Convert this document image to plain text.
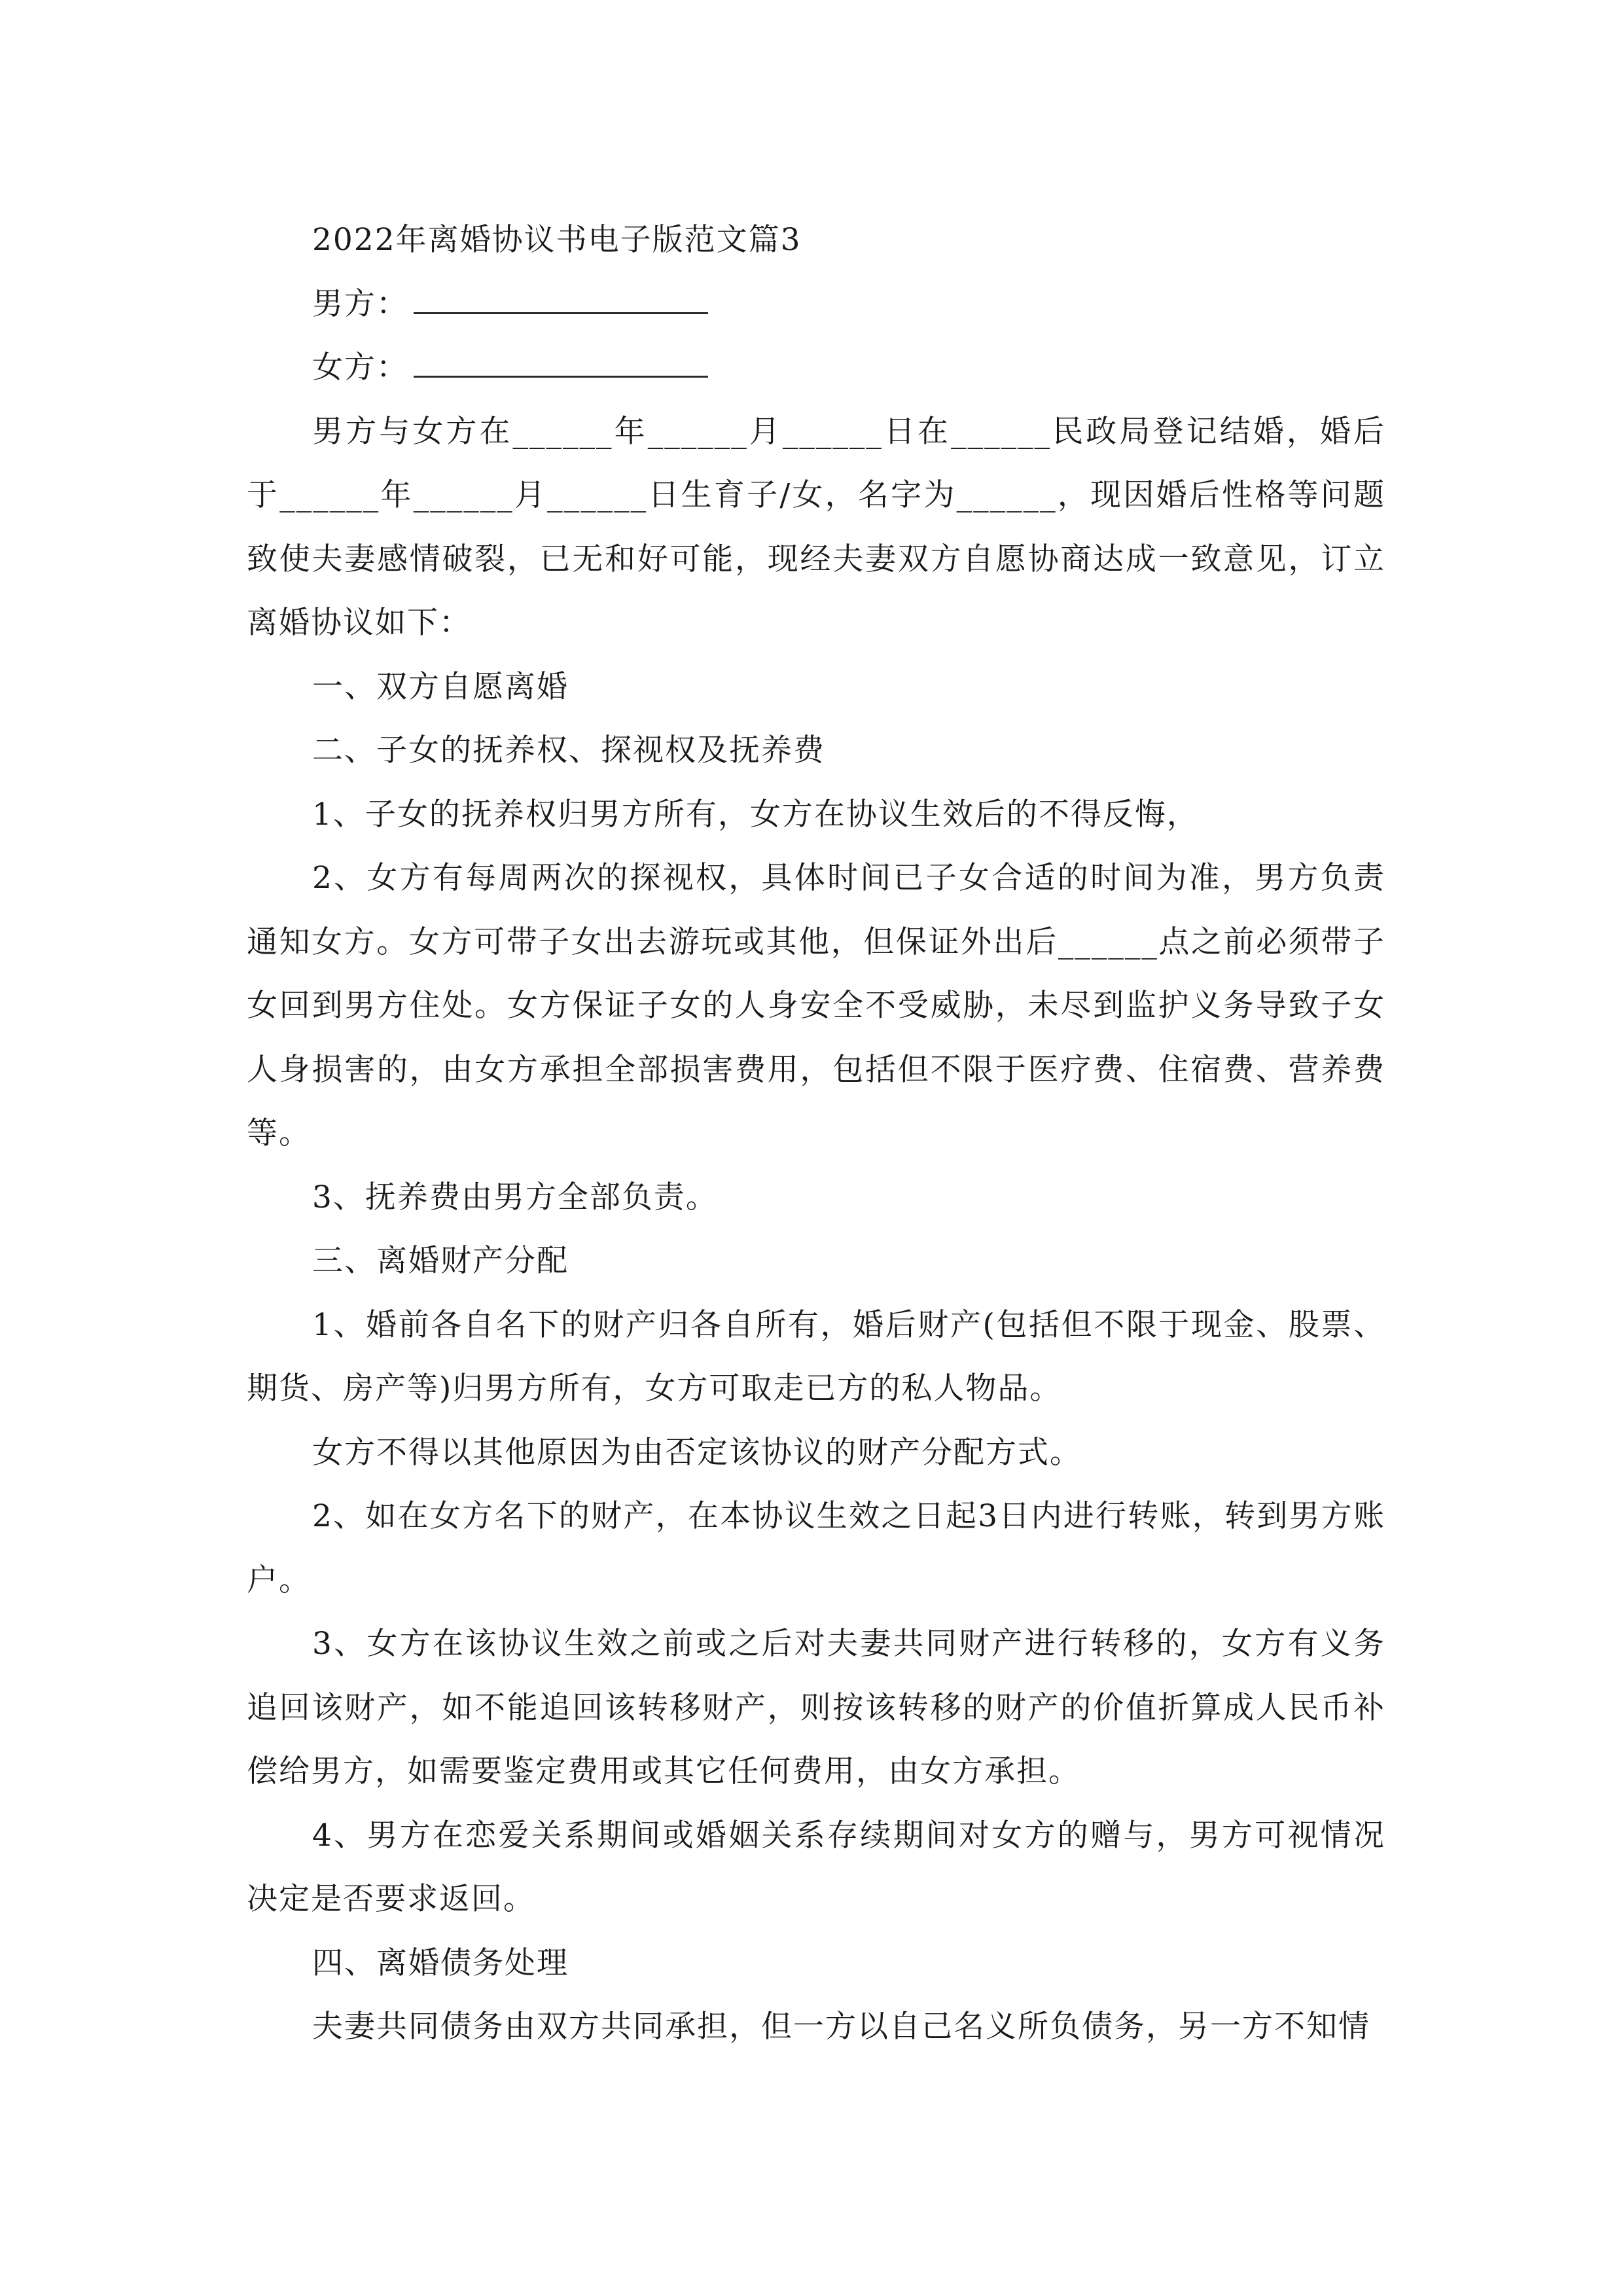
2022年离婚协议书电子版范文篇3

男方：

女方：

男方与女方在______年______月______日在______民政局登记结婚，婚后于______年______月______日生育子/女，名字为______，现因婚后性格等问题致使夫妻感情破裂，已无和好可能，现经夫妻双方自愿协商达成一致意见，订立离婚协议如下：

一、双方自愿离婚

二、子女的抚养权、探视权及抚养费

1、子女的抚养权归男方所有，女方在协议生效后的不得反悔，

2、女方有每周两次的探视权，具体时间已子女合适的时间为准，男方负责通知女方。女方可带子女出去游玩或其他，但保证外出后______点之前必须带子女回到男方住处。女方保证子女的人身安全不受威胁，未尽到监护义务导致子女人身损害的，由女方承担全部损害费用，包括但不限于医疗费、住宿费、营养费等。

3、抚养费由男方全部负责。

三、离婚财产分配

1、婚前各自名下的财产归各自所有，婚后财产(包括但不限于现金、股票、期货、房产等)归男方所有，女方可取走已方的私人物品。

女方不得以其他原因为由否定该协议的财产分配方式。

2、如在女方名下的财产，在本协议生效之日起3日内进行转账，转到男方账户。

3、女方在该协议生效之前或之后对夫妻共同财产进行转移的，女方有义务追回该财产，如不能追回该转移财产，则按该转移的财产的价值折算成人民币补偿给男方，如需要鉴定费用或其它任何费用，由女方承担。

4、男方在恋爱关系期间或婚姻关系存续期间对女方的赠与，男方可视情况决定是否要求返回。

四、离婚债务处理

夫妻共同债务由双方共同承担，但一方以自己名义所负债务，另一方不知情
